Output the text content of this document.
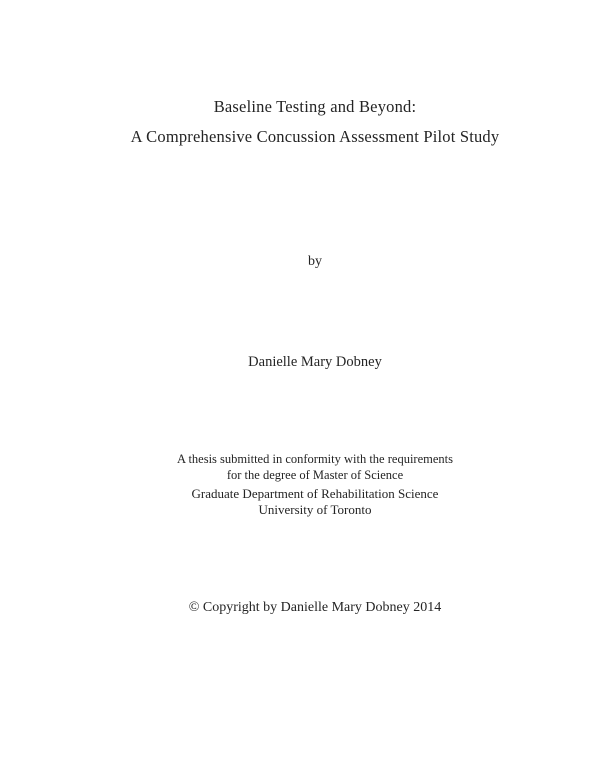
Baseline Testing and Beyond:
A Comprehensive Concussion Assessment Pilot Study

by

Danielle Mary Dobney

A thesis submitted in conformity with the requirements
for the degree of Master of Science

Graduate Department of Rehabilitation Science
University of Toronto

© Copyright by Danielle Mary Dobney 2014
